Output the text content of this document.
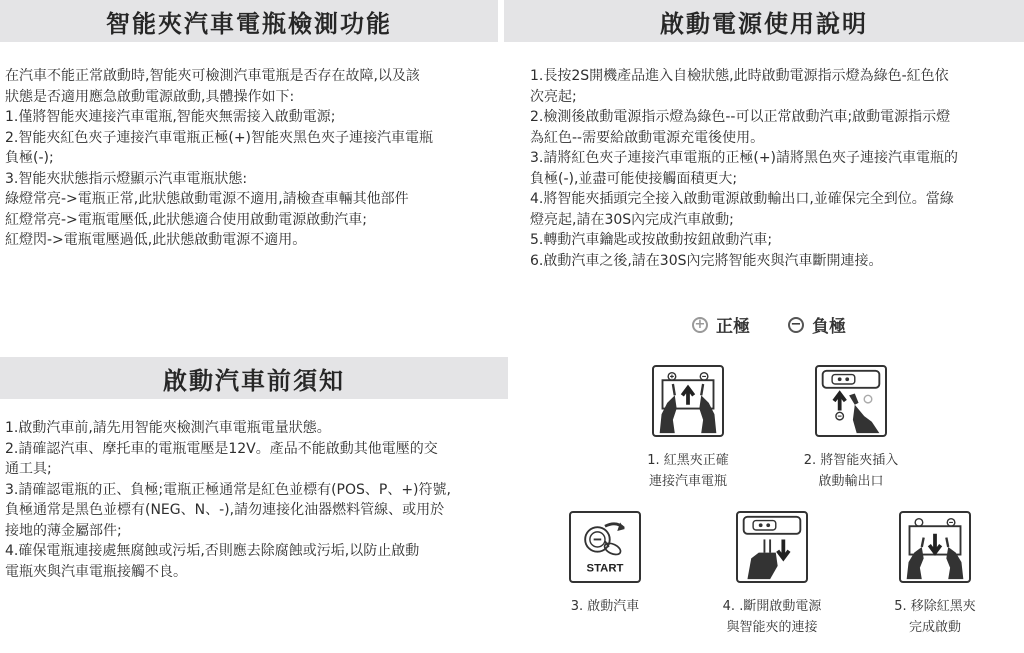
智能夾汽車電瓶檢測功能	啟動電源使用說明
啟動汽車前須知

在汽車不能正常啟動時,智能夾可檢測汽車電瓶是否存在故障,以及該

狀態是否適用應急啟動電源啟動,具體操作如下:

1.僅將智能夾連接汽車電瓶,智能夾無需接入啟動電源;

2.智能夾紅色夾子連接汽車電瓶正極(+)智能夾黑色夾子連接汽車電瓶

負極(-);

3.智能夾狀態指示燈顯示汽車電瓶狀態:

綠燈常亮->電瓶正常,此狀態啟動電源不適用,請檢查車輛其他部件

紅燈常亮->電瓶電壓低,此狀態適合使用啟動電源啟動汽車;

紅燈閃->電瓶電壓過低,此狀態啟動電源不適用。

1.長按2S開機產品進入自檢狀態,此時啟動電源指示燈為綠色-紅色依

次亮起;

2.檢測後啟動電源指示燈為綠色--可以正常啟動汽車;啟動電源指示燈

為紅色--需要給啟動電源充電後使用。

3.請將紅色夾子連接汽車電瓶的正極(+)請將黑色夾子連接汽車電瓶的

負極(-),並盡可能使接觸面積更大;

4.將智能夾插頭完全接入啟動電源啟動輸出口,並確保完全到位。當綠

燈亮起,請在30S內完成汽車啟動;

5.轉動汽車鑰匙或按啟動按鈕啟動汽車;

6.啟動汽車之後,請在30S內完將智能夾與汽車斷開連接。

1.啟動汽車前,請先用智能夾檢測汽車電瓶電量狀態。

2.請確認汽車、摩托車的電瓶電壓是12V。產品不能啟動其他電壓的交

通工具;

3.請確認電瓶的正、負極;電瓶正極通常是紅色並標有(POS、P、+)符號,

負極通常是黑色並標有(NEG、N、-),請勿連接化油器燃料管線、或用於

接地的薄金屬部件;

4.確保電瓶連接處無腐蝕或污垢,否則應去除腐蝕或污垢,以防止啟動

電瓶夾與汽車電瓶接觸不良。

+ 正極	− 負極
START
1. 紅黑夾正確
連接汽車電瓶
2. 將智能夾插入
啟動輸出口
3. 啟動汽車	4. .斷開啟動電源
與智能夾的連接
5. 移除紅黑夾
完成啟動
